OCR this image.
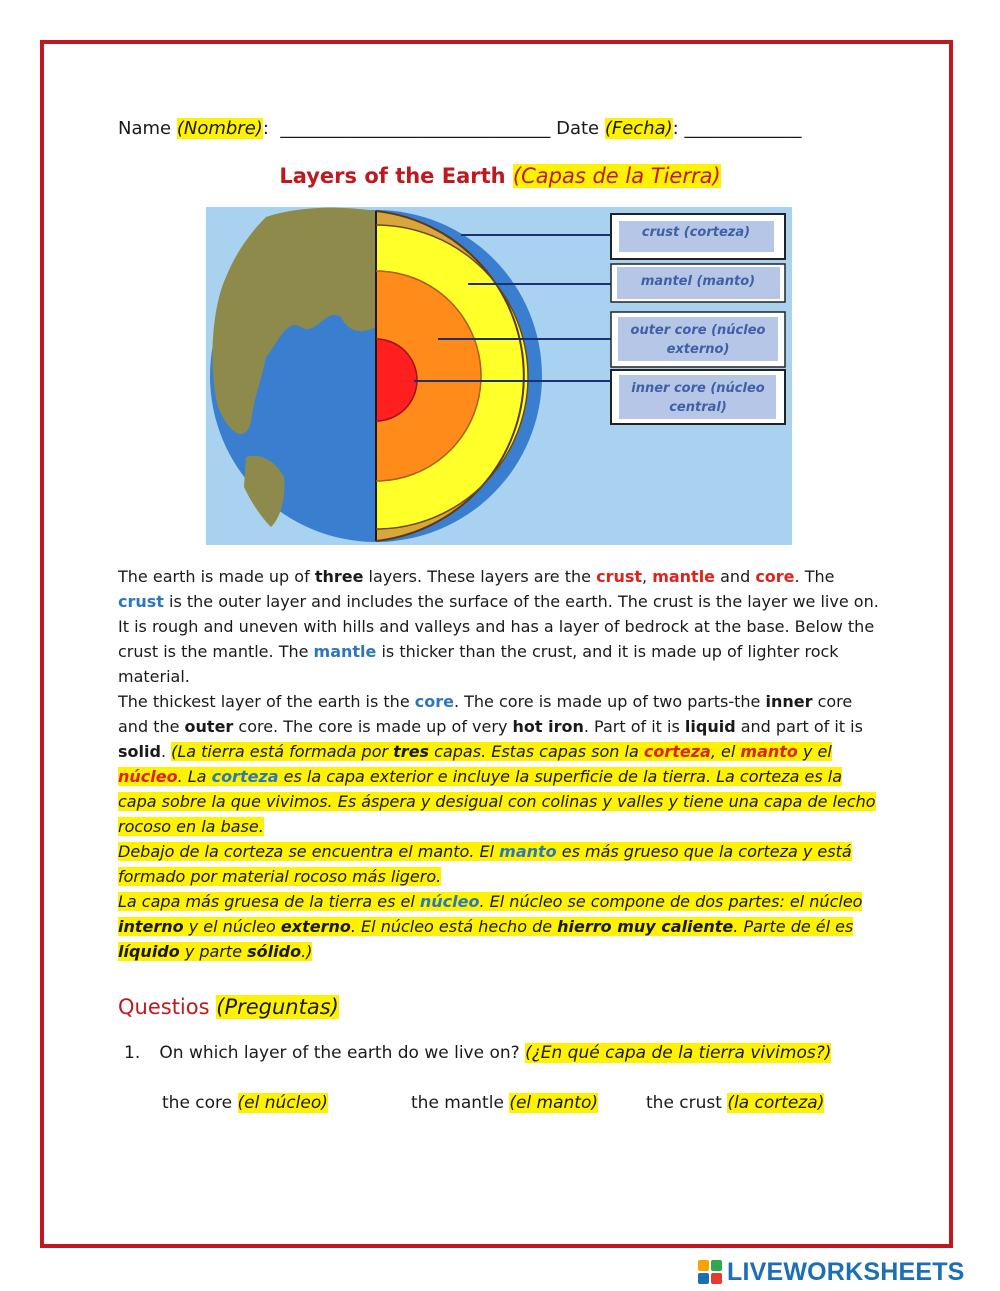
Name (Nombre): ______________________________ Date (Fecha): _____________
Layers of the Earth (Capas de la Tierra)
crust (corteza)
mantel (manto)
outer core (núcleo
externo)
inner core (núcleo
central)

The earth is made up of three layers. These layers are the crust, mantle and core. The crust is the outer layer and includes the surface of the earth. The crust is the layer we live on. It is rough and uneven with hills and valleys and has a layer of bedrock at the base. Below the crust is the mantle. The mantle is thicker than the crust, and it is made up of lighter rock material.

The thickest layer of the earth is the core. The core is made up of two parts-the inner core and the outer core. The core is made up of very hot iron. Part of it is liquid and part of it is solid. (La tierra está formada por tres capas. Estas capas son la corteza, el manto y el núcleo. La corteza es la capa exterior e incluye la superficie de la tierra. La corteza es la capa sobre la que vivimos. Es áspera y desigual con colinas y valles y tiene una capa de lecho rocoso en la base.

Debajo de la corteza se encuentra el manto. El manto es más grueso que la corteza y está formado por material rocoso más ligero.

La capa más gruesa de la tierra es el núcleo. El núcleo se compone de dos partes: el núcleo interno y el núcleo externo. El núcleo está hecho de hierro muy caliente. Parte de él es líquido y parte sólido.)

Questios (Preguntas)
1. On which layer of the earth do we live on? (¿En qué capa de la tierra vivimos?)
the core (el núcleo)	the mantle (el manto)	the crust (la corteza)
LIVEWORKSHEETS
